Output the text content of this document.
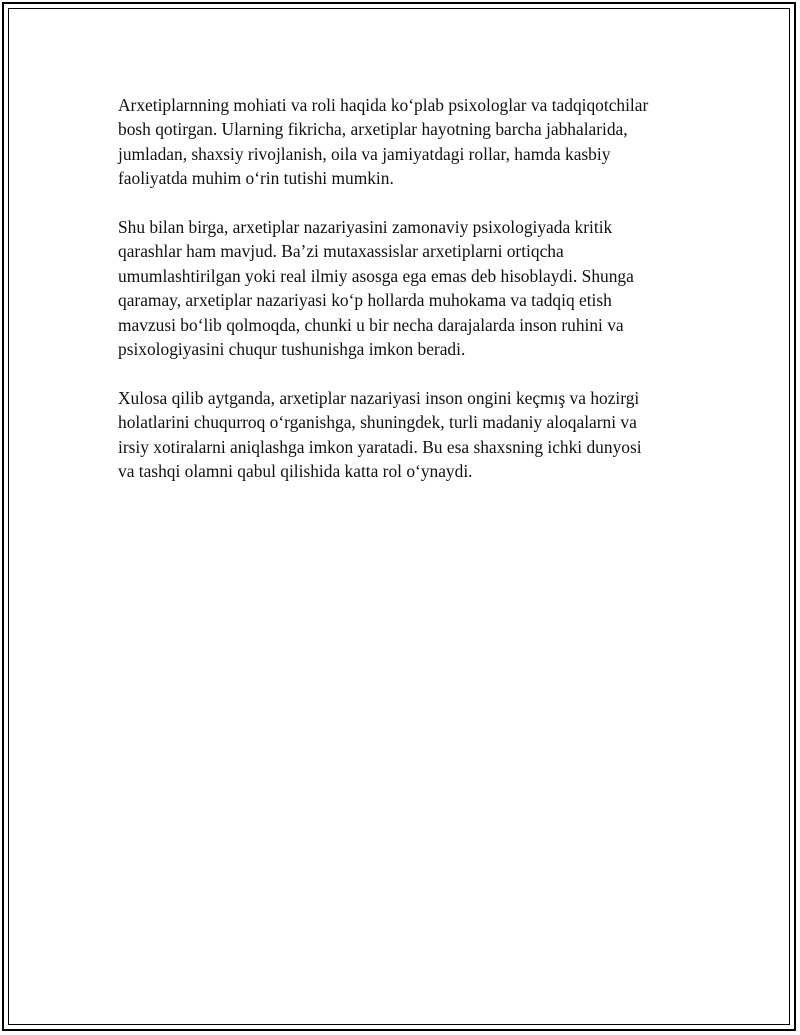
Arxetiplarnning mohiati va roli haqida koʻplab psixologlar va tadqiqotchilar
bosh qotirgan. Ularning fikricha, arxetiplar hayotning barcha jabhalarida,
jumladan, shaxsiy rivojlanish, oila va jamiyatdagi rollar, hamda kasbiy
faoliyatda muhim oʻrin tutishi mumkin.

Shu bilan birga, arxetiplar nazariyasini zamonaviy psixologiyada kritik
qarashlar ham mavjud. Baʼzi mutaxassislar arxetiplarni ortiqcha
umumlashtirilgan yoki real ilmiy asosga ega emas deb hisoblaydi. Shunga
qaramay, arxetiplar nazariyasi koʻp hollarda muhokama va tadqiq etish
mavzusi boʻlib qolmoqda, chunki u bir necha darajalarda inson ruhini va
psixologiyasini chuqur tushunishga imkon beradi.

Xulosa qilib aytganda, arxetiplar nazariyasi inson ongini keçmış va hozirgi
holatlarini chuqurroq oʻrganishga, shuningdek, turli madaniy aloqalarni va
irsiy xotiralarni aniqlashga imkon yaratadi. Bu esa shaxsning ichki dunyosi
va tashqi olamni qabul qilishida katta rol oʻynaydi.
